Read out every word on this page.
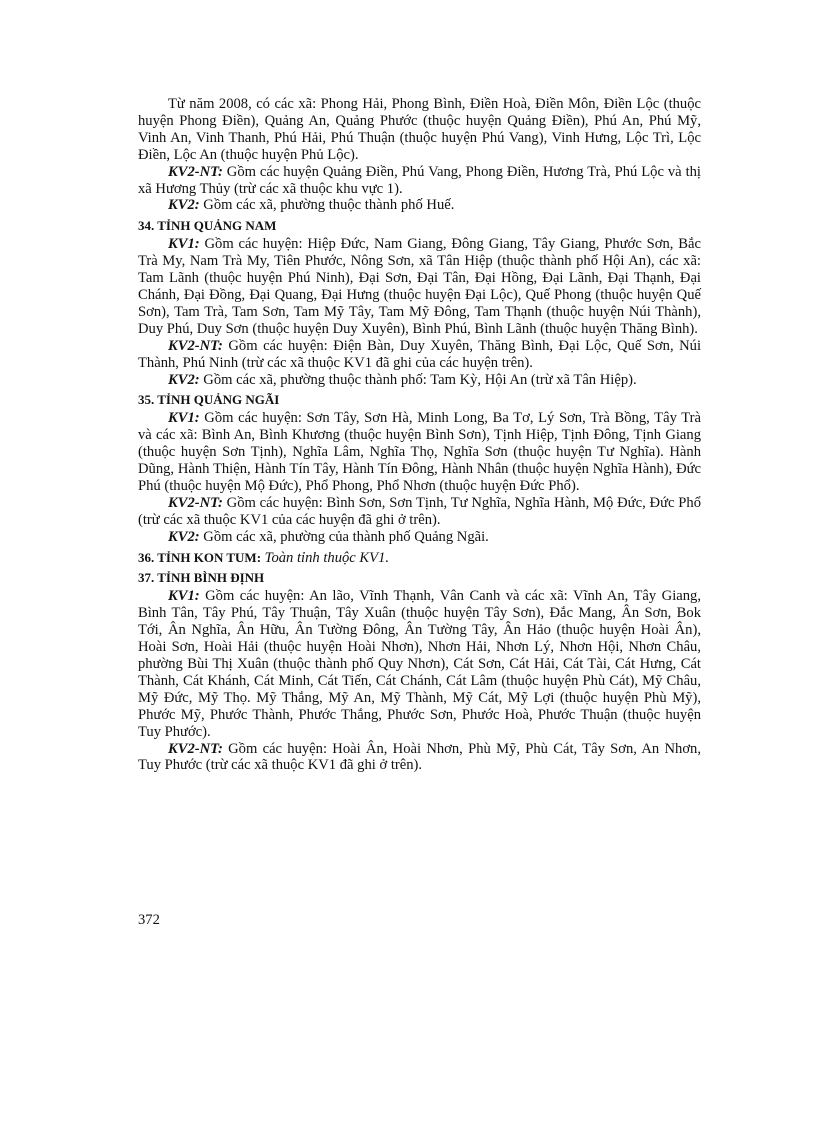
Từ năm 2008, có các xã: Phong Hải, Phong Bình, Điền Hoà, Điền Môn, Điền Lộc (thuộc huyện Phong Điền), Quảng An, Quảng Phước (thuộc huyện Quảng Điền), Phú An, Phú Mỹ, Vinh An, Vinh Thanh, Phú Hải, Phú Thuận (thuộc huyện Phú Vang), Vinh Hưng, Lộc Trì, Lộc Điền, Lộc An (thuộc huyện Phủ Lộc).

KV2-NT: Gồm các huyện Quảng Điền, Phú Vang, Phong Điền, Hương Trà, Phú Lộc và thị xã Hương Thủy (trừ các xã thuộc khu vực 1).

KV2: Gồm các xã, phường thuộc thành phố Huế.

34. TỈNH QUẢNG NAM

KV1: Gồm các huyện: Hiệp Đức, Nam Giang, Đông Giang, Tây Giang, Phước Sơn, Bắc Trà My, Nam Trà My, Tiên Phước, Nông Sơn, xã Tân Hiệp (thuộc thành phố Hội An), các xã: Tam Lãnh (thuộc huyện Phú Ninh), Đại Sơn, Đại Tân, Đại Hồng, Đại Lãnh, Đại Thạnh, Đại Chánh, Đại Đồng, Đại Quang, Đại Hưng (thuộc huyện Đại Lộc), Quế Phong (thuộc huyện Quế Sơn), Tam Trà, Tam Sơn, Tam Mỹ Tây, Tam Mỹ Đông, Tam Thạnh (thuộc huyện Núi Thành), Duy Phú, Duy Sơn (thuộc huyện Duy Xuyên), Bình Phú, Bình Lãnh (thuộc huyện Thăng Bình).

KV2-NT: Gồm các huyện: Điện Bàn, Duy Xuyên, Thăng Bình, Đại Lộc, Quế Sơn, Núi Thành, Phú Ninh (trừ các xã thuộc KV1 đã ghi của các huyện trên).

KV2: Gồm các xã, phường thuộc thành phố: Tam Kỳ, Hội An (trừ xã Tân Hiệp).

35. TỈNH QUẢNG NGÃI

KV1: Gồm các huyện: Sơn Tây, Sơn Hà, Minh Long, Ba Tơ, Lý Sơn, Trà Bồng, Tây Trà và các xã: Bình An, Bình Khương (thuộc huyện Bình Sơn), Tịnh Hiệp, Tịnh Đông, Tịnh Giang (thuộc huyện Sơn Tịnh), Nghĩa Lâm, Nghĩa Thọ, Nghĩa Sơn (thuộc huyện Tư Nghĩa). Hành Dũng, Hành Thiện, Hành Tín Tây, Hành Tín Đông, Hành Nhân (thuộc huyện Nghĩa Hành), Đức Phú (thuộc huyện Mộ Đức), Phổ Phong, Phổ Nhơn (thuộc huyện Đức Phổ).

KV2-NT: Gồm các huyện: Bình Sơn, Sơn Tịnh, Tư Nghĩa, Nghĩa Hành, Mộ Đức, Đức Phổ (trừ các xã thuộc KV1 của các huyện đã ghi ở trên).

KV2: Gồm các xã, phường của thành phố Quảng Ngãi.

36. TỈNH KON TUM: Toàn tỉnh thuộc KV1.

37. TỈNH BÌNH ĐỊNH

KV1: Gồm các huyện: An lão, Vĩnh Thạnh, Vân Canh và các xã: Vĩnh An, Tây Giang, Bình Tân, Tây Phú, Tây Thuận, Tây Xuân (thuộc huyện Tây Sơn), Đắc Mang, Ân Sơn, Bok Tới, Ân Nghĩa, Ân Hữu, Ân Tường Đông, Ân Tường Tây, Ân Hảo (thuộc huyện Hoài Ân), Hoài Sơn, Hoài Hải (thuộc huyện Hoài Nhơn), Nhơn Hải, Nhơn Lý, Nhơn Hội, Nhơn Châu, phường Bùi Thị Xuân (thuộc thành phố Quy Nhơn), Cát Sơn, Cát Hải, Cát Tài, Cát Hưng, Cát Thành, Cát Khánh, Cát Minh, Cát Tiến, Cát Chánh, Cát Lâm (thuộc huyện Phù Cát), Mỹ Châu, Mỹ Đức, Mỹ Thọ. Mỹ Thắng, Mỹ An, Mỹ Thành, Mỹ Cát, Mỹ Lợi (thuộc huyện Phù Mỹ), Phước Mỹ, Phước Thành, Phước Thắng, Phước Sơn, Phước Hoà, Phước Thuận (thuộc huyện Tuy Phước).

KV2-NT: Gồm các huyện: Hoài Ân, Hoài Nhơn, Phù Mỹ, Phù Cát, Tây Sơn, An Nhơn, Tuy Phước (trừ các xã thuộc KV1 đã ghi ở trên).

372
